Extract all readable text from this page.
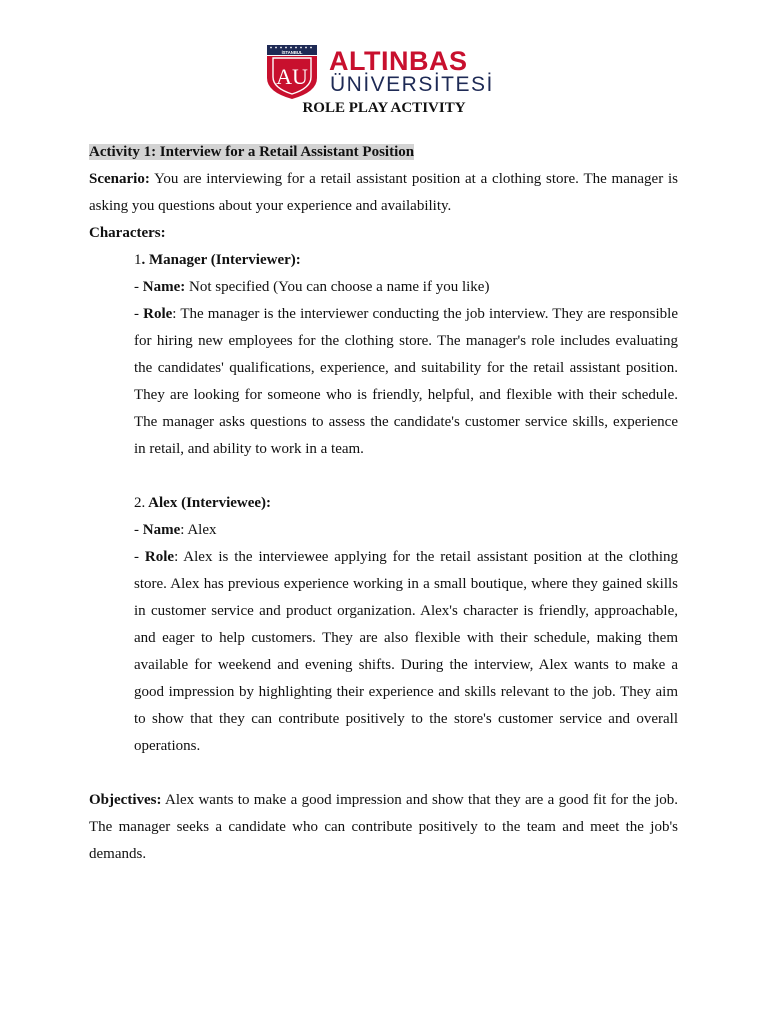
İSTANBUL
AU
ALTINBAS
ÜNİVERSİTESİ
ROLE PLAY ACTIVITY

Activity 1: Interview for a Retail Assistant Position

Scenario: You are interviewing for a retail assistant position at a clothing store. The manager is asking you questions about your experience and availability.

Characters:

1. Manager (Interviewer):

- Name: Not specified (You can choose a name if you like)

- Role: The manager is the interviewer conducting the job interview. They are responsible for hiring new employees for the clothing store. The manager's role includes evaluating the candidates' qualifications, experience, and suitability for the retail assistant position. They are looking for someone who is friendly, helpful, and flexible with their schedule. The manager asks questions to assess the candidate's customer service skills, experience in retail, and ability to work in a team.

2. Alex (Interviewee):

- Name: Alex

- Role: Alex is the interviewee applying for the retail assistant position at the clothing store. Alex has previous experience working in a small boutique, where they gained skills in customer service and product organization. Alex's character is friendly, approachable, and eager to help customers. They are also flexible with their schedule, making them available for weekend and evening shifts. During the interview, Alex wants to make a good impression by highlighting their experience and skills relevant to the job. They aim to show that they can contribute positively to the store's customer service and overall operations.

Objectives: Alex wants to make a good impression and show that they are a good fit for the job. The manager seeks a candidate who can contribute positively to the team and meet the job's demands.
